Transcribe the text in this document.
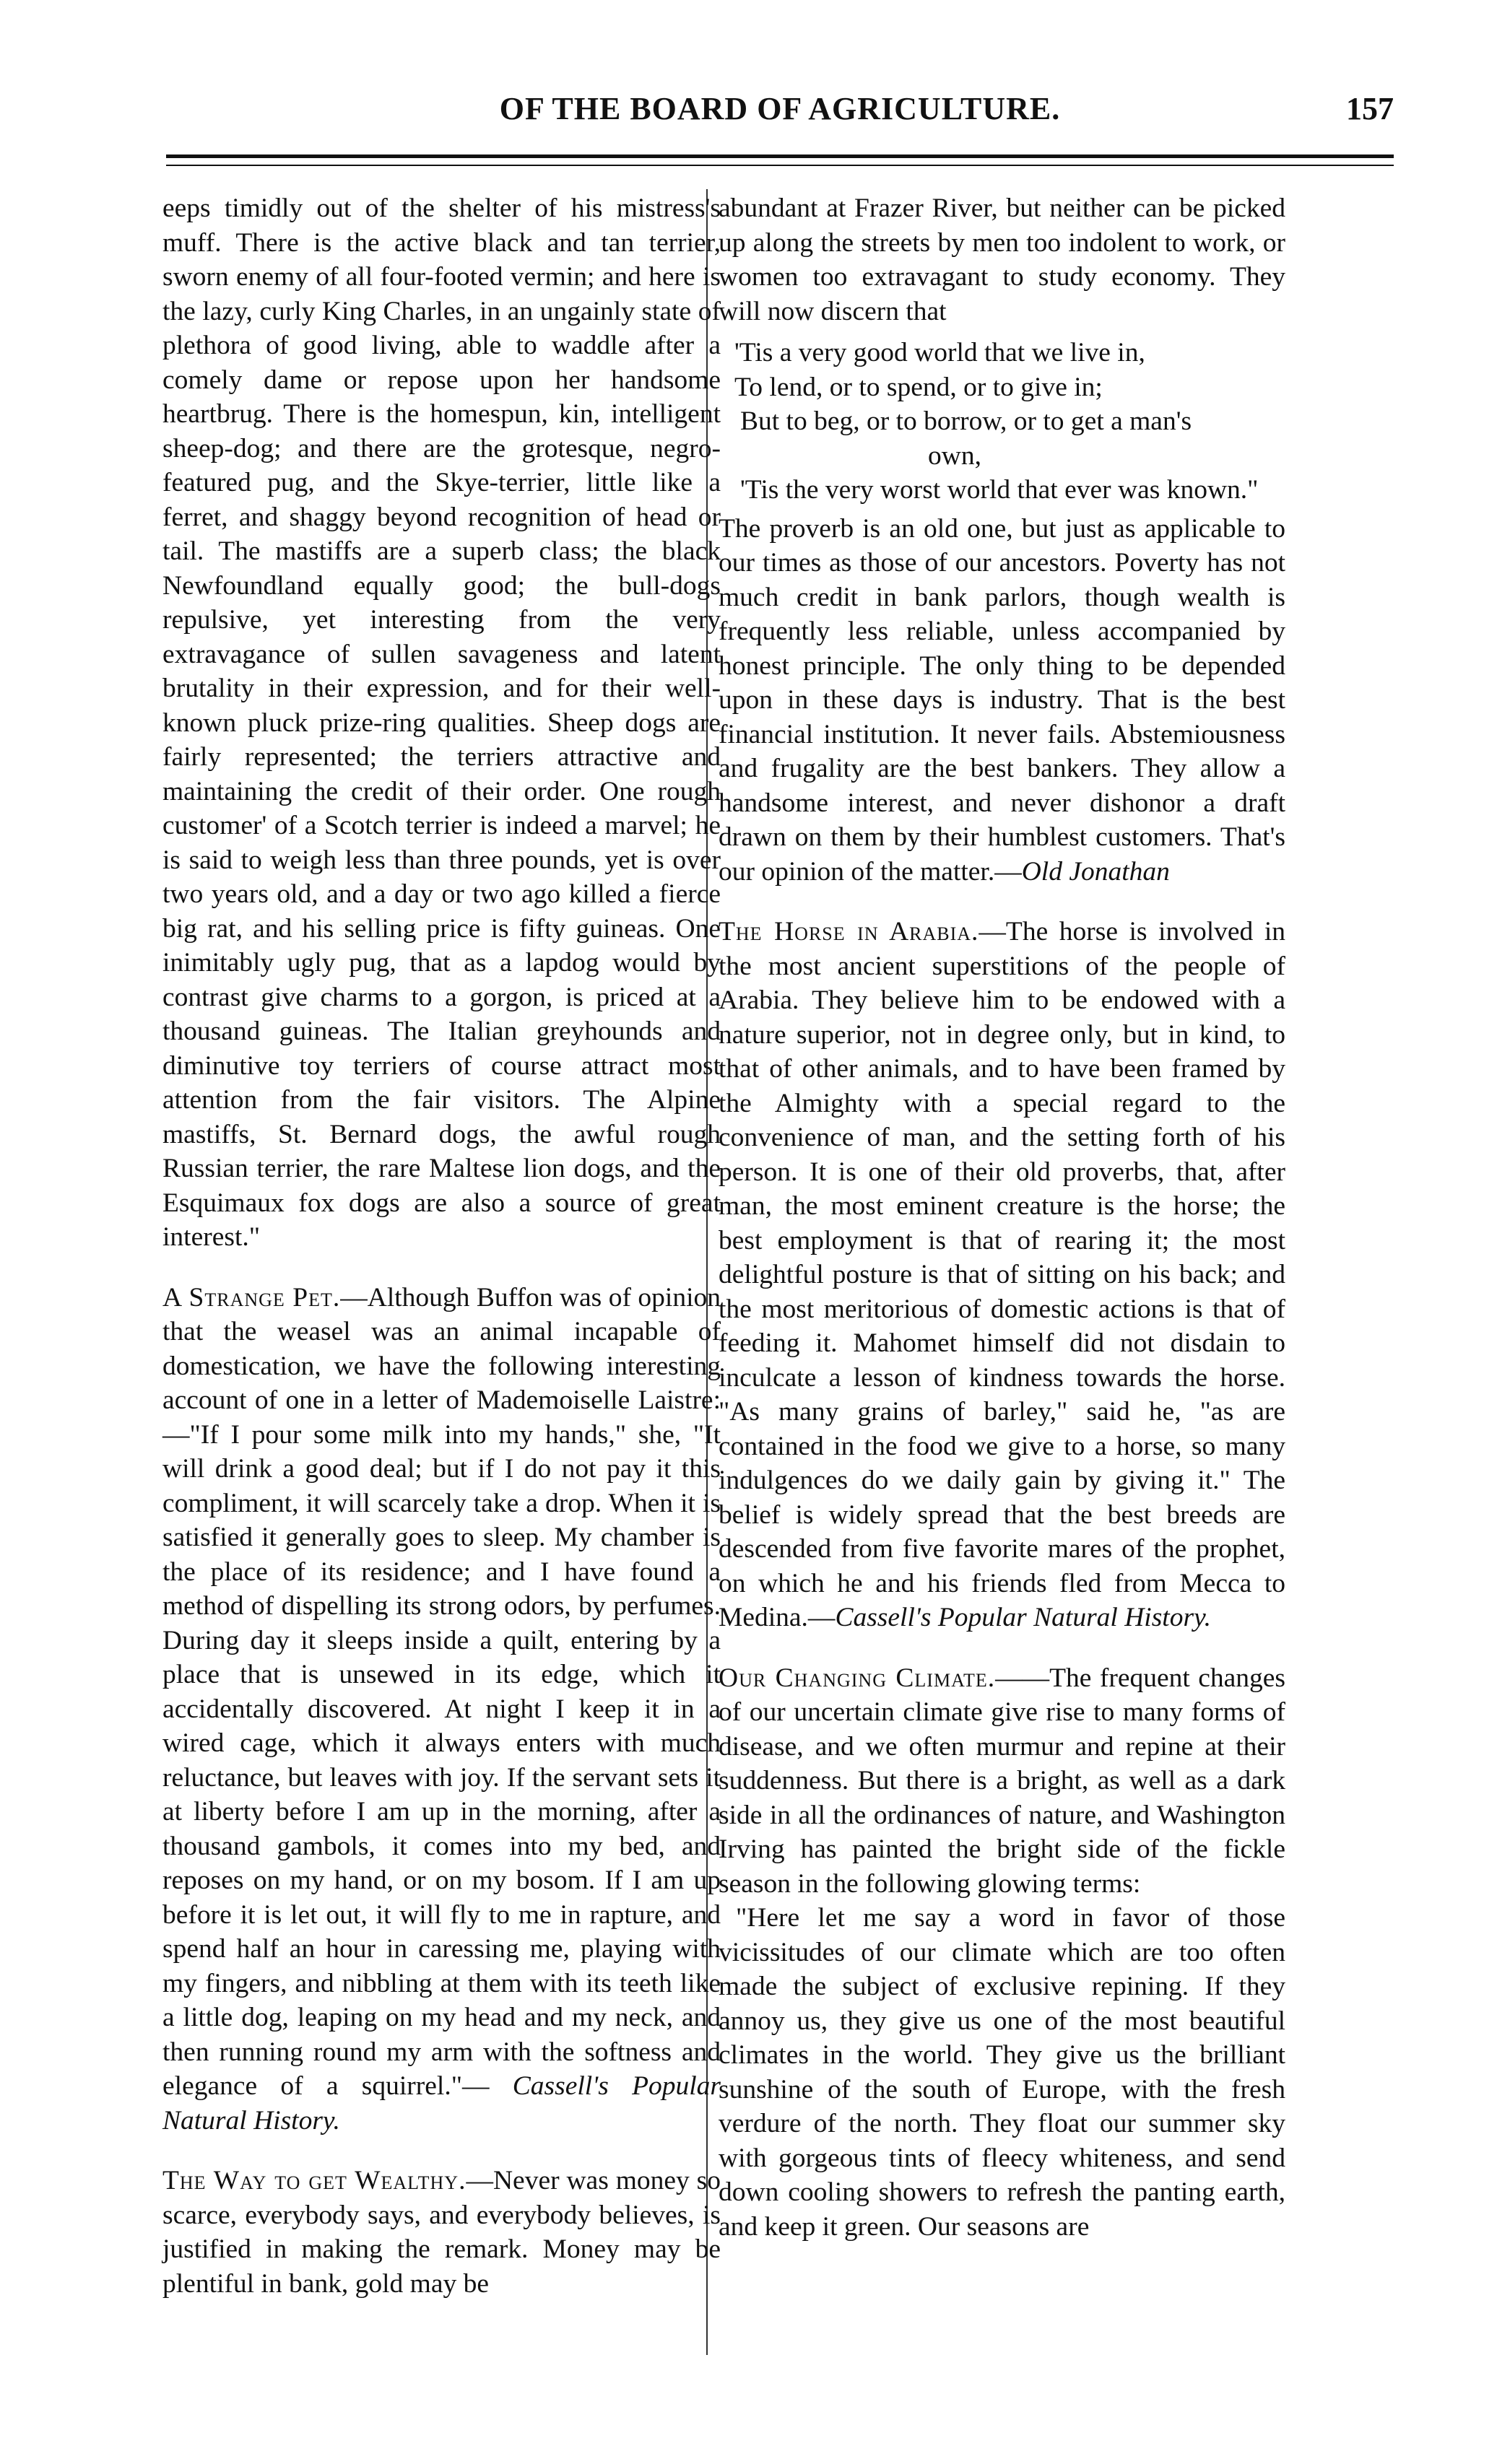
OF THE BOARD OF AGRICULTURE.	157

eeps timidly out of the shelter of his mistress's muff. There is the active black and tan terrier, sworn enemy of all four-footed vermin; and here is the lazy, curly King Charles, in an ungainly state of plethora of good living, able to waddle after a comely dame or repose upon her handsome heartbrug. There is the homespun, kin, intelligent sheep-dog; and there are the grotesque, negro-featured pug, and the Skye-terrier, little like a ferret, and shaggy beyond recognition of head or tail. The mastiffs are a superb class; the black Newfoundland equally good; the bull-dogs repulsive, yet interesting from the very extravagance of sullen savageness and latent brutality in their expression, and for their well-known pluck prize-ring qualities. Sheep dogs are fairly represented; the terriers attractive and maintaining the credit of their order. One rough customer' of a Scotch terrier is indeed a marvel; he is said to weigh less than three pounds, yet is over two years old, and a day or two ago killed a fierce big rat, and his selling price is fifty guineas. One inimitably ugly pug, that as a lapdog would by contrast give charms to a gorgon, is priced at a thousand guineas. The Italian greyhounds and diminutive toy terriers of course attract most attention from the fair visitors. The Alpine mastiffs, St. Bernard dogs, the awful rough Russian terrier, the rare Maltese lion dogs, and the Esquimaux fox dogs are also a source of great interest."

A Strange Pet.—Although Buffon was of opinion that the weasel was an animal incapable of domestication, we have the following interesting account of one in a letter of Mademoiselle Laistre:—"If I pour some milk into my hands," she, "It will drink a good deal; but if I do not pay it this compliment, it will scarcely take a drop. When it is satisfied it generally goes to sleep. My chamber is the place of its residence; and I have found a method of dispelling its strong odors, by perfumes. During day it sleeps inside a quilt, entering by a place that is unsewed in its edge, which it accidentally discovered. At night I keep it in a wired cage, which it always enters with much reluctance, but leaves with joy. If the servant sets it at liberty before I am up in the morning, after a thousand gambols, it comes into my bed, and reposes on my hand, or on my bosom. If I am up before it is let out, it will fly to me in rapture, and spend half an hour in caressing me, playing with my fingers, and nibbling at them with its teeth like a little dog, leaping on my head and my neck, and then running round my arm with the softness and elegance of a squirrel."— Cassell's Popular Natural History.

The Way to get Wealthy.—Never was money so scarce, everybody says, and everybody believes, is justified in making the remark. Money may be plentiful in bank, gold may be

abundant at Frazer River, but neither can be picked up along the streets by men too indolent to work, or women too extravagant to study economy. They will now discern that

'Tis a very good world that we live in,
To lend, or to spend, or to give in;
But to beg, or to borrow, or to get a man's
own,
'Tis the very worst world that ever was known."

The proverb is an old one, but just as applicable to our times as those of our ancestors. Poverty has not much credit in bank parlors, though wealth is frequently less reliable, unless accompanied by honest principle. The only thing to be depended upon in these days is industry. That is the best financial institution. It never fails. Abstemiousness and frugality are the best bankers. They allow a handsome interest, and never dishonor a draft drawn on them by their humblest customers. That's our opinion of the matter.—Old Jonathan

The Horse in Arabia.—The horse is involved in the most ancient superstitions of the people of Arabia. They believe him to be endowed with a nature superior, not in degree only, but in kind, to that of other animals, and to have been framed by the Almighty with a special regard to the convenience of man, and the setting forth of his person. It is one of their old proverbs, that, after man, the most eminent creature is the horse; the best employment is that of rearing it; the most delightful posture is that of sitting on his back; and the most meritorious of domestic actions is that of feeding it. Mahomet himself did not disdain to inculcate a lesson of kindness towards the horse. "As many grains of barley," said he, "as are contained in the food we give to a horse, so many indulgences do we daily gain by giving it." The belief is widely spread that the best breeds are descended from five favorite mares of the prophet, on which he and his friends fled from Mecca to Medina.—Cassell's Popular Natural History.

Our Changing Climate.——The frequent changes of our uncertain climate give rise to many forms of disease, and we often murmur and repine at their suddenness. But there is a bright, as well as a dark side in all the ordinances of nature, and Washington Irving has painted the bright side of the fickle season in the following glowing terms:

"Here let me say a word in favor of those vicissitudes of our climate which are too often made the subject of exclusive repining. If they annoy us, they give us one of the most beautiful climates in the world. They give us the brilliant sunshine of the south of Europe, with the fresh verdure of the north. They float our summer sky with gorgeous tints of fleecy whiteness, and send down cooling showers to refresh the panting earth, and keep it green. Our seasons are
